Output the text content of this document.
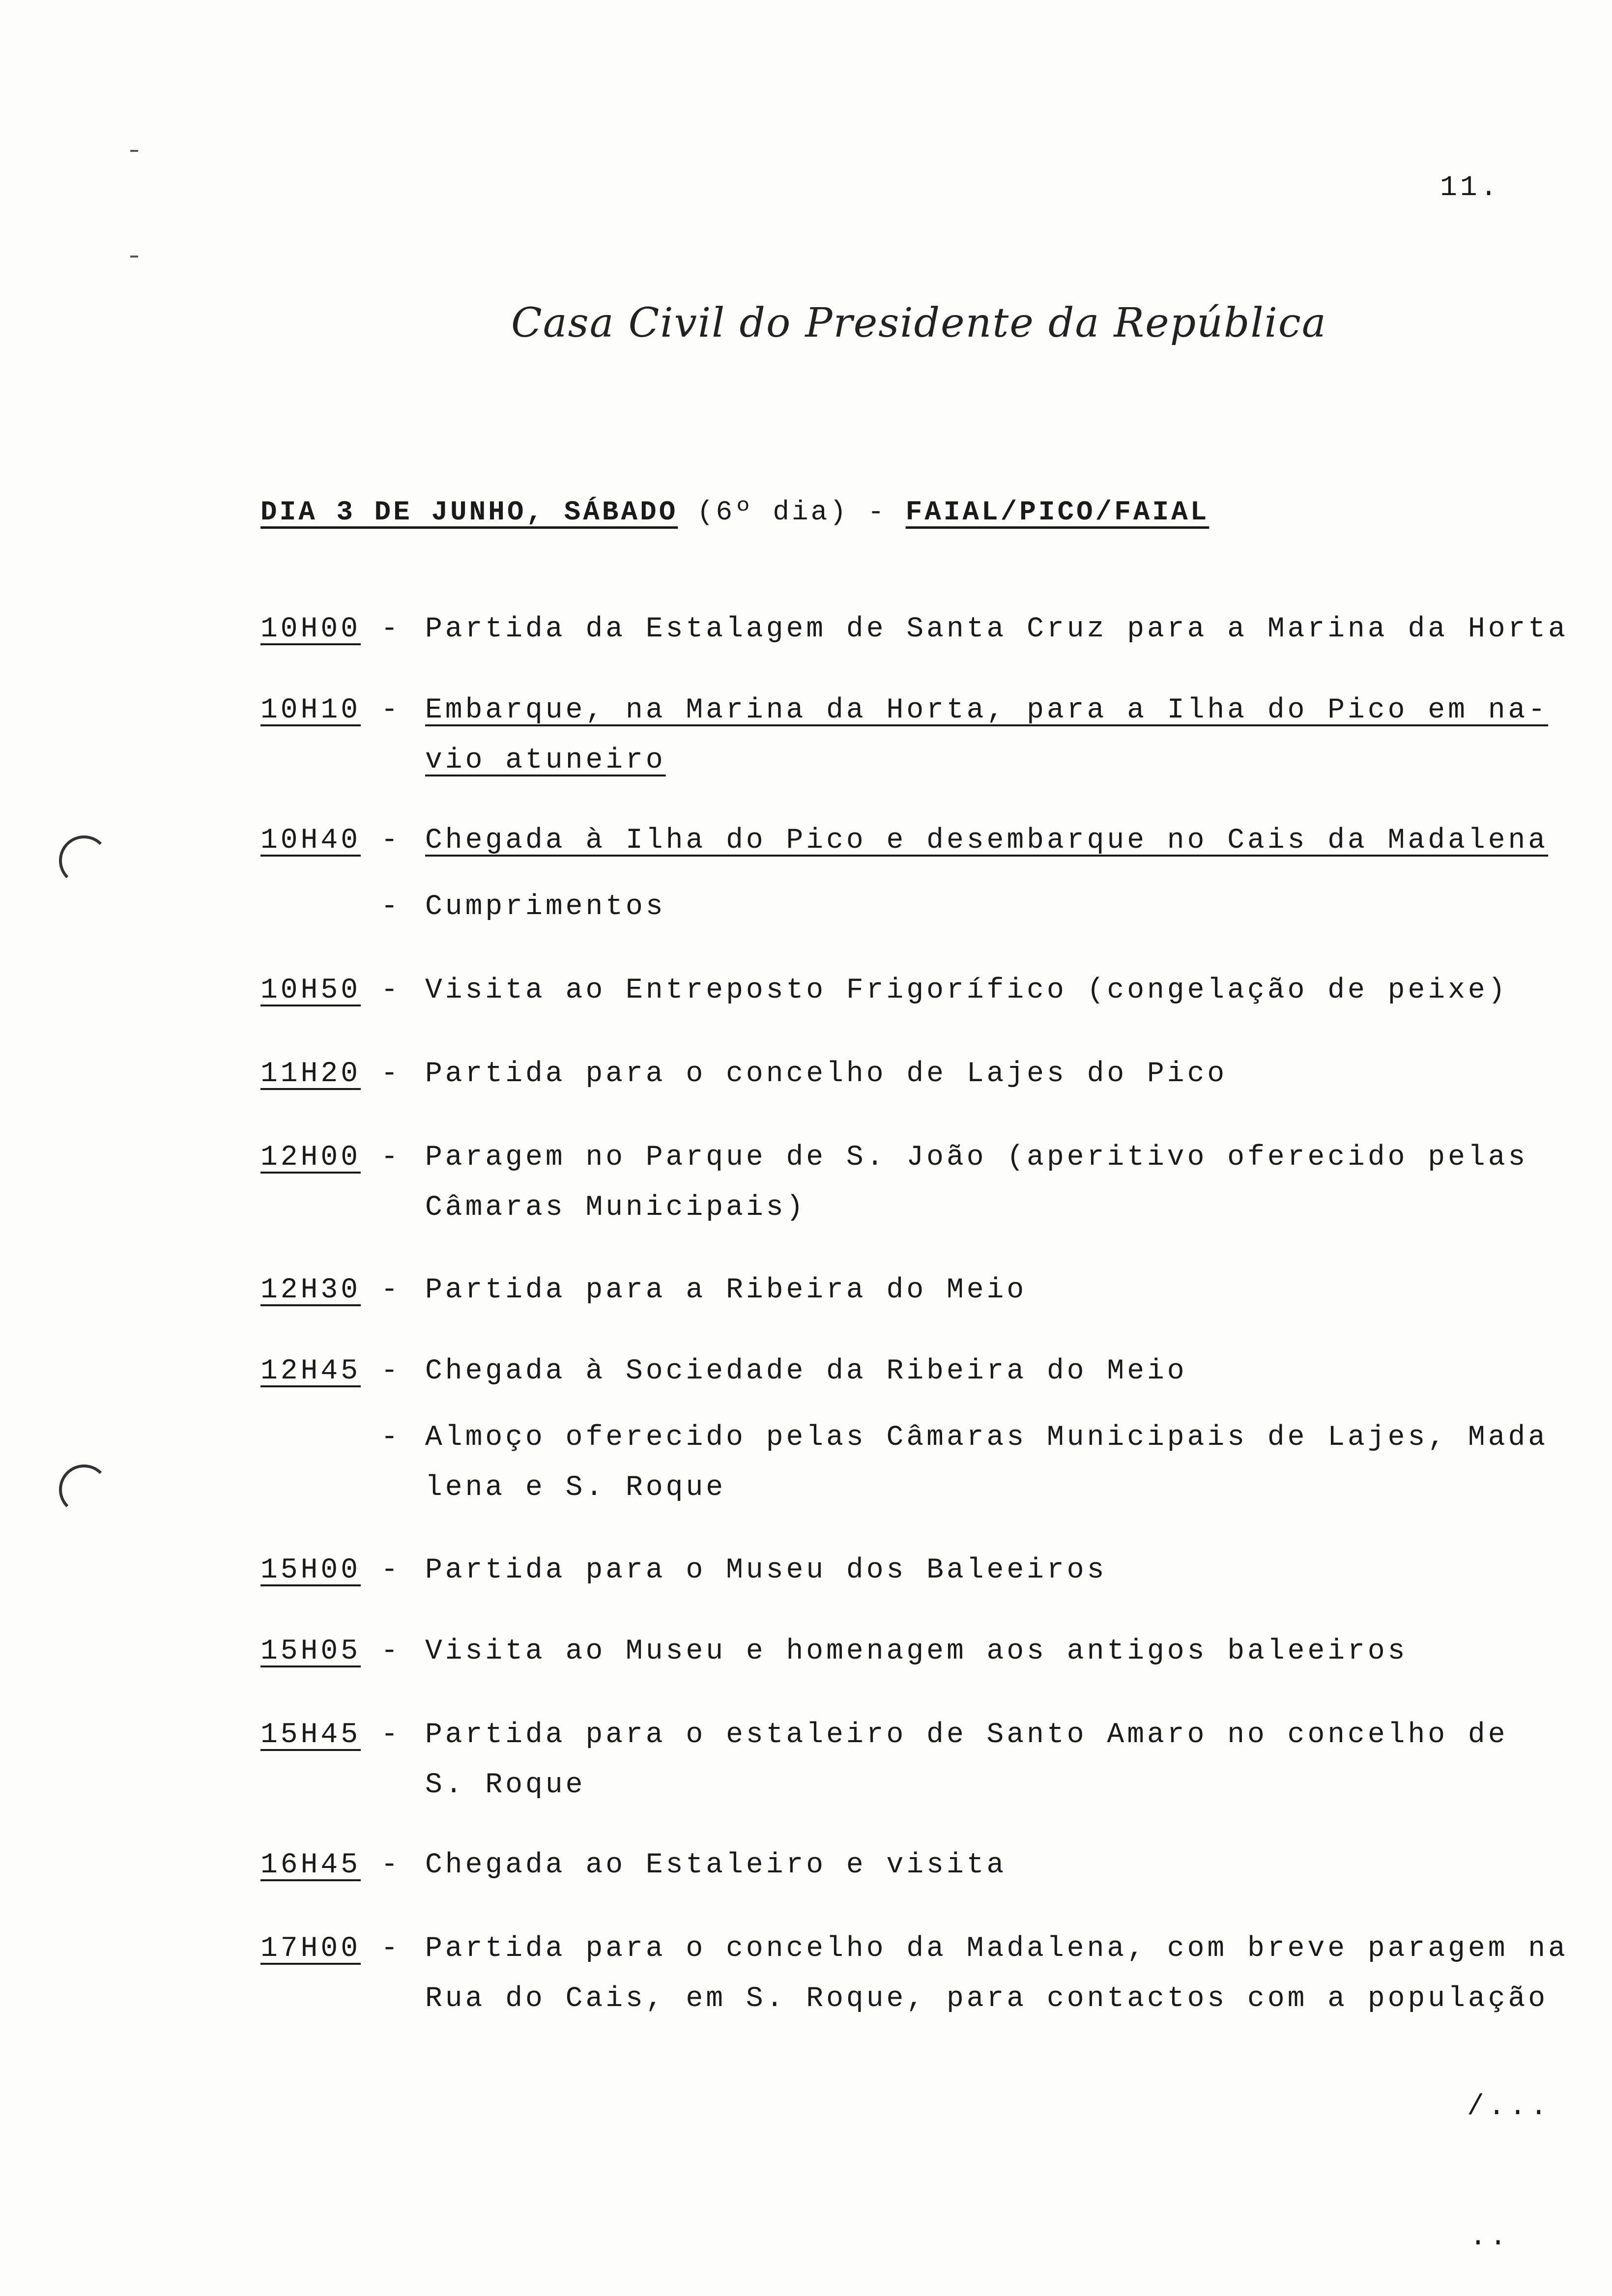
11.
Casa Civil do Presidente da República
DIA 3 DE JUNHO, SÁBADO (6º dia) - FAIAL/PICO/FAIAL
10H00 - Partida da Estalagem de Santa Cruz para a Marina da Horta
10H10 - Embarque, na Marina da Horta, para a Ilha do Pico em na-
vio atuneiro
10H40 - Chegada à Ilha do Pico e desembarque no Cais da Madalena
- Cumprimentos
10H50 - Visita ao Entreposto Frigorífico (congelação de peixe)
11H20 - Partida para o concelho de Lajes do Pico
12H00 - Paragem no Parque de S. João (aperitivo oferecido pelas
Câmaras Municipais)
12H30 - Partida para a Ribeira do Meio
12H45 - Chegada à Sociedade da Ribeira do Meio
- Almoço oferecido pelas Câmaras Municipais de Lajes, Mada
lena e S. Roque
15H00 - Partida para o Museu dos Baleeiros
15H05 - Visita ao Museu e homenagem aos antigos baleeiros
15H45 - Partida para o estaleiro de Santo Amaro no concelho de
S. Roque
16H45 - Chegada ao Estaleiro e visita
17H00 - Partida para o concelho da Madalena, com breve paragem na
Rua do Cais, em S. Roque, para contactos com a população
/...
..
